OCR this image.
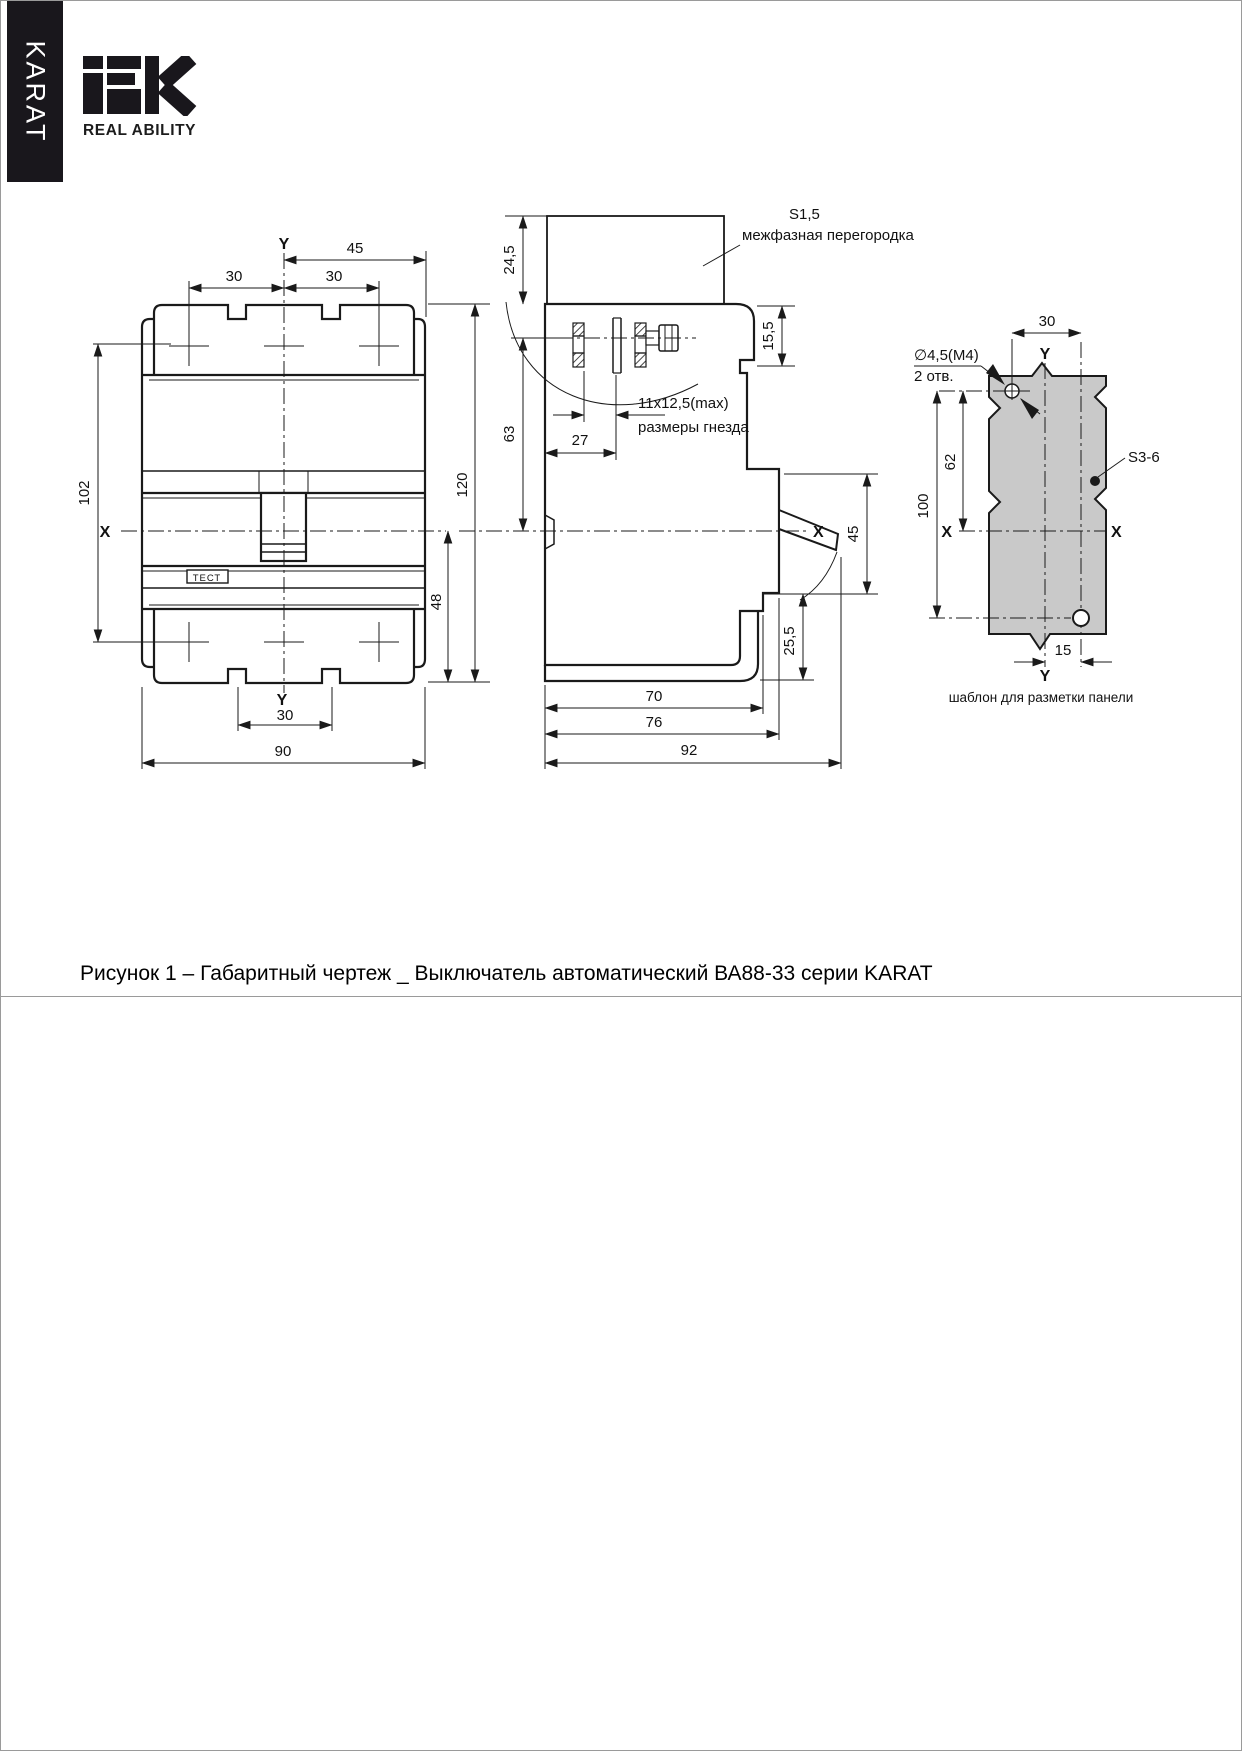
KARAT REAL ABILITY
Y	45
30	30
102
X
ТЕСТ
Y
30
90
48
120
24,5
S1,5
межфазная перегородка
15,5
11x12,5(max)
размеры гнезда
63	27
X 45
25,5
70
76
92
30
Y
∅4,5(M4)
2 отв.
62
100
S3-6
X	X
15
Y
шаблон для разметки панели
Рисунок 1 – Габаритный чертеж _ Выключатель автоматический ВА88-33 серии KARAT
